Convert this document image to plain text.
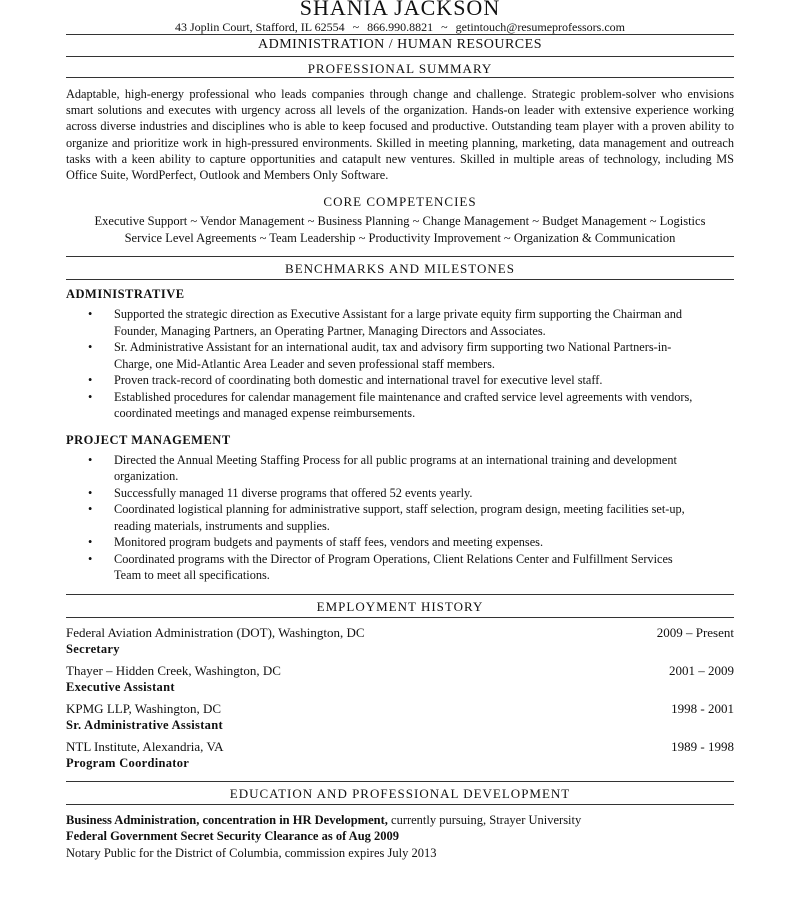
SHANIA JACKSON
43 Joplin Court, Stafford, IL 62554 ~ 866.990.8821 ~ getintouch@resumeprofessors.com
ADMINISTRATION / HUMAN RESOURCES
PROFESSIONAL SUMMARY
Adaptable, high-energy professional who leads companies through change and challenge. Strategic problem-solver who envisions smart solutions and executes with urgency across all levels of the organization. Hands-on leader with extensive experience working across diverse industries and disciplines who is able to keep focused and productive. Outstanding team player with a proven ability to organize and prioritize work in high-pressured environments. Skilled in meeting planning, marketing, data management and outreach tasks with a keen ability to capture opportunities and catapult new ventures. Skilled in multiple areas of technology, including MS Office Suite, WordPerfect, Outlook and Members Only Software.
CORE COMPETENCIES
Executive Support ~ Vendor Management ~ Business Planning ~ Change Management ~ Budget Management ~ Logistics
Service Level Agreements ~ Team Leadership ~ Productivity Improvement ~ Organization & Communication
BENCHMARKS AND MILESTONES
ADMINISTRATIVE
• Supported the strategic direction as Executive Assistant for a large private equity firm supporting the Chairman and Founder, Managing Partners, an Operating Partner, Managing Directors and Associates.
• Sr. Administrative Assistant for an international audit, tax and advisory firm supporting two National Partners-in-Charge, one Mid-Atlantic Area Leader and seven professional staff members.
• Proven track-record of coordinating both domestic and international travel for executive level staff.
• Established procedures for calendar management file maintenance and crafted service level agreements with vendors, coordinated meetings and managed expense reimbursements.
PROJECT MANAGEMENT
• Directed the Annual Meeting Staffing Process for all public programs at an international training and development organization.
• Successfully managed 11 diverse programs that offered 52 events yearly.
• Coordinated logistical planning for administrative support, staff selection, program design, meeting facilities set-up, reading materials, instruments and supplies.
• Monitored program budgets and payments of staff fees, vendors and meeting expenses.
• Coordinated programs with the Director of Program Operations, Client Relations Center and Fulfillment Services Team to meet all specifications.
EMPLOYMENT HISTORY
Federal Aviation Administration (DOT), Washington, DC	2009 – Present
Secretary
Thayer – Hidden Creek, Washington, DC	2001 – 2009
Executive Assistant
KPMG LLP, Washington, DC	1998 - 2001
Sr. Administrative Assistant
NTL Institute, Alexandria, VA	1989 - 1998
Program Coordinator
EDUCATION AND PROFESSIONAL DEVELOPMENT
Business Administration, concentration in HR Development, currently pursuing, Strayer University
Federal Government Secret Security Clearance as of Aug 2009
Notary Public for the District of Columbia, commission expires July 2013
